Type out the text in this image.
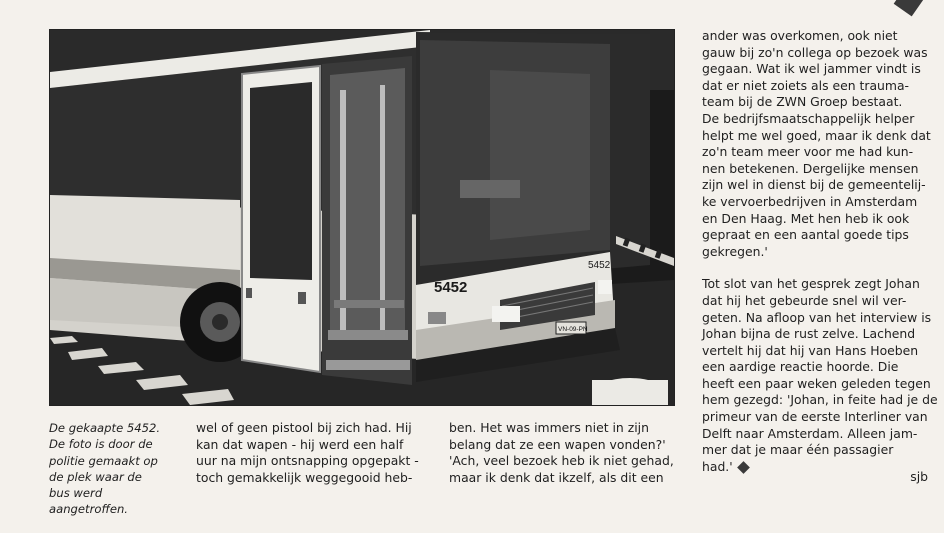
5452
5452
VN-09-PN
De gekaapte 5452.
De foto is door de
politie gemaakt op
de plek waar de
bus werd
aangetroffen.

wel of geen pistool bij zich had. Hij

kan dat wapen - hij werd een half

uur na mijn ontsnapping opgepakt -

toch gemakkelijk weggegooid heb-

ben. Het was immers niet in zijn

belang dat ze een wapen vonden?'

'Ach, veel bezoek heb ik niet gehad,

maar ik denk dat ikzelf, als dit een

ander was overkomen, ook niet

gauw bij zo'n collega op bezoek was

gegaan. Wat ik wel jammer vindt is

dat er niet zoiets als een trauma-

team bij de ZWN Groep bestaat.

De bedrijfsmaatschappelijk helper

helpt me wel goed, maar ik denk dat

zo'n team meer voor me had kun-

nen betekenen. Dergelijke mensen

zijn wel in dienst bij de gemeentelij-

ke vervoerbedrijven in Amsterdam

en Den Haag. Met hen heb ik ook

gepraat en een aantal goede tips

gekregen.'

Tot slot van het gesprek zegt Johan

dat hij het gebeurde snel wil ver-

geten. Na afloop van het interview is

Johan bijna de rust zelve. Lachend

vertelt hij dat hij van Hans Hoeben

een aardige reactie hoorde. Die

heeft een paar weken geleden tegen

hem gezegd: 'Johan, in feite had je de

primeur van de eerste Interliner van

Delft naar Amsterdam. Alleen jam-

mer dat je maar één passagier

had.'

sjb
